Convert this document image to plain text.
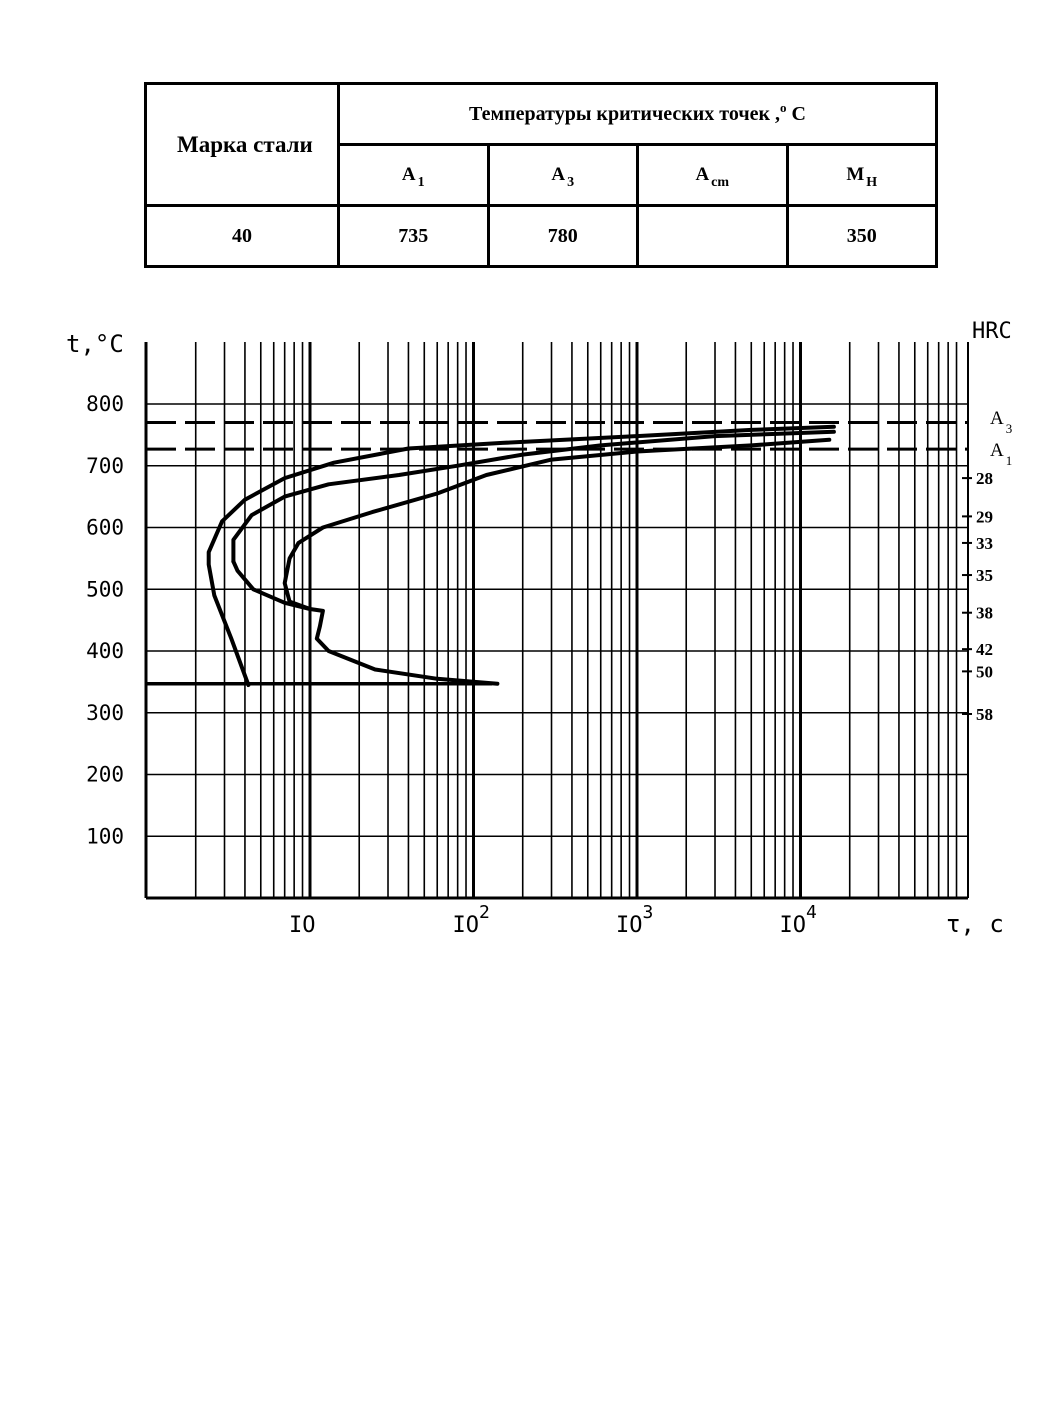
Марка стали	Температуры критических точек ,$^о$ С			
	А $_1$	А $_3$	А $_{cm}$	М $_Н$
40	735	780		350
A $_3$
A $_1$
100
200
300
400
500
600
700
800
t,°C
IO	$IO^2$
$IO^3$
$IO^4$	τ, с
HRC
28
29
33
35
38
42
50
58
